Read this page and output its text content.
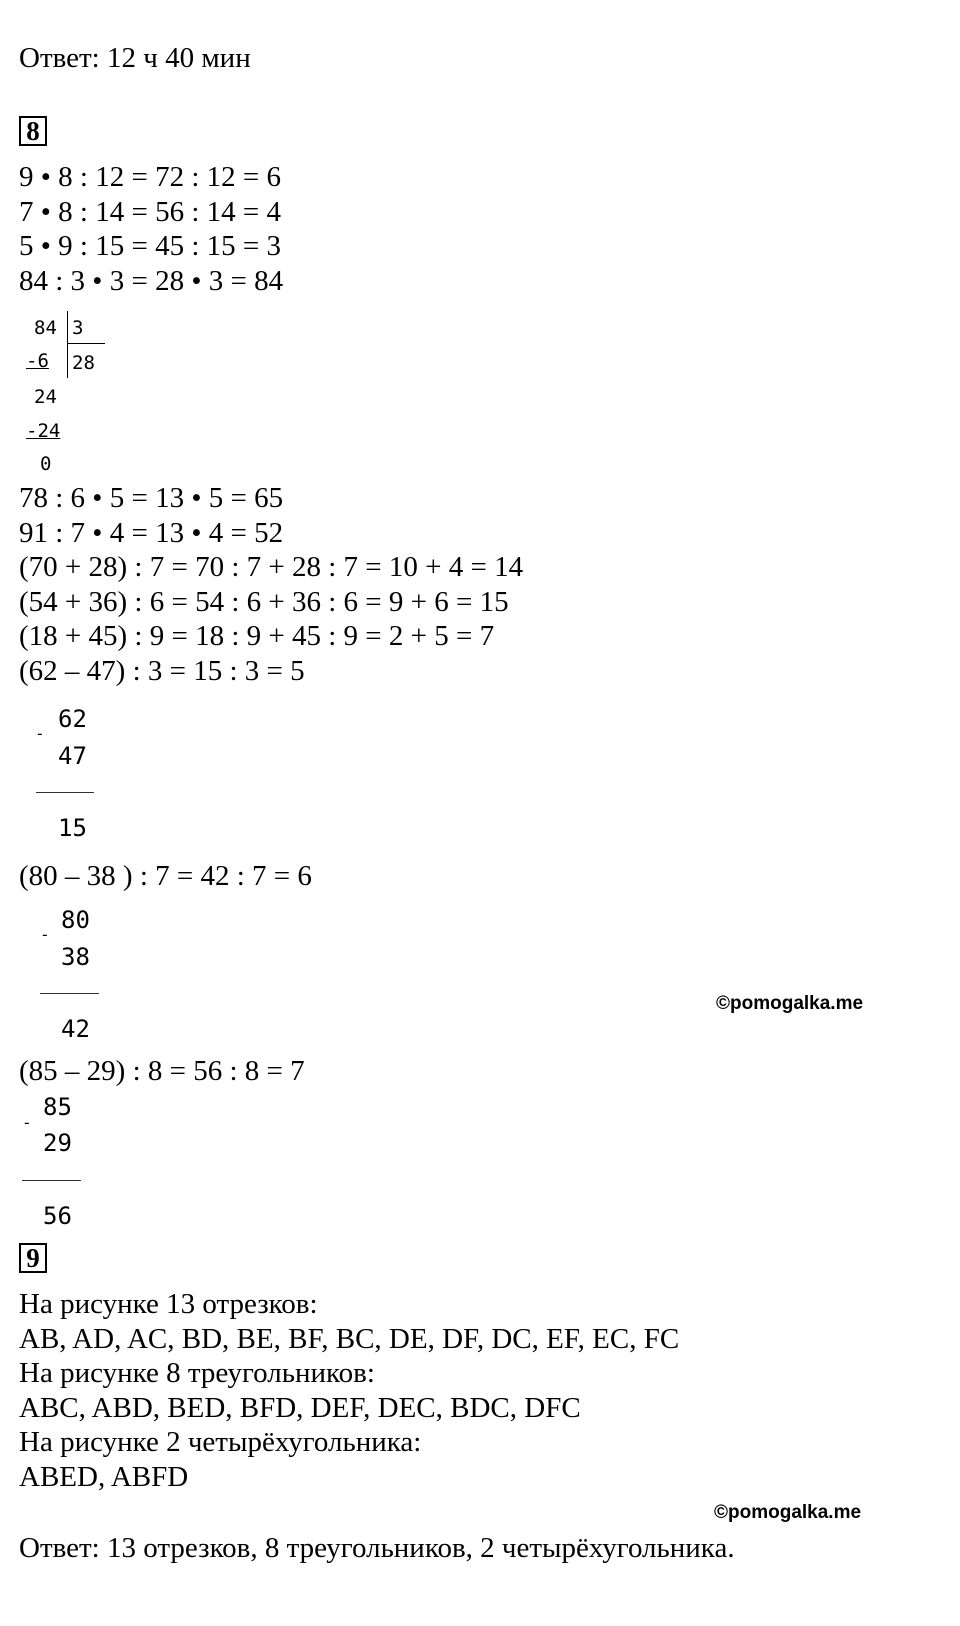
Ответ: 12 ч 40 мин
8
9 • 8 : 12 = 72 : 12 = 6
7 • 8 : 14 = 56 : 14 = 4
5 • 9 : 15 = 45 : 15 = 3
84 : 3 • 3 = 28 • 3 = 84
84 3
28
-6
24
-24
0
78 : 6 • 5 = 13 • 5 = 65
91 : 7 • 4 = 13 • 4 = 52
(70 + 28) : 7 = 70 : 7 + 28 : 7 = 10 + 4 = 14
(54 + 36) : 6 = 54 : 6 + 36 : 6 = 9 + 6 = 15
(18 + 45) : 9 = 18 : 9 + 45 : 9 = 2 + 5 = 7
(62 – 47) : 3 = 15 : 3 = 5
-
62
47
15
(80 – 38 ) : 7 = 42 : 7 = 6
-
80
38
42
©pomogalka.me
(85 – 29) : 8 = 56 : 8 = 7
-
85
29
56
9
На рисунке 13 отрезков:
AB, AD, AC, BD, BE, BF, BC, DE, DF, DC, EF, EC, FC
На рисунке 8 треугольников:
ABC, ABD, BED, BFD, DEF, DEC, BDC, DFC
На рисунке 2 четырёхугольника:
ABED, ABFD
©pomogalka.me
Ответ: 13 отрезков, 8 треугольников, 2 четырёхугольника.
